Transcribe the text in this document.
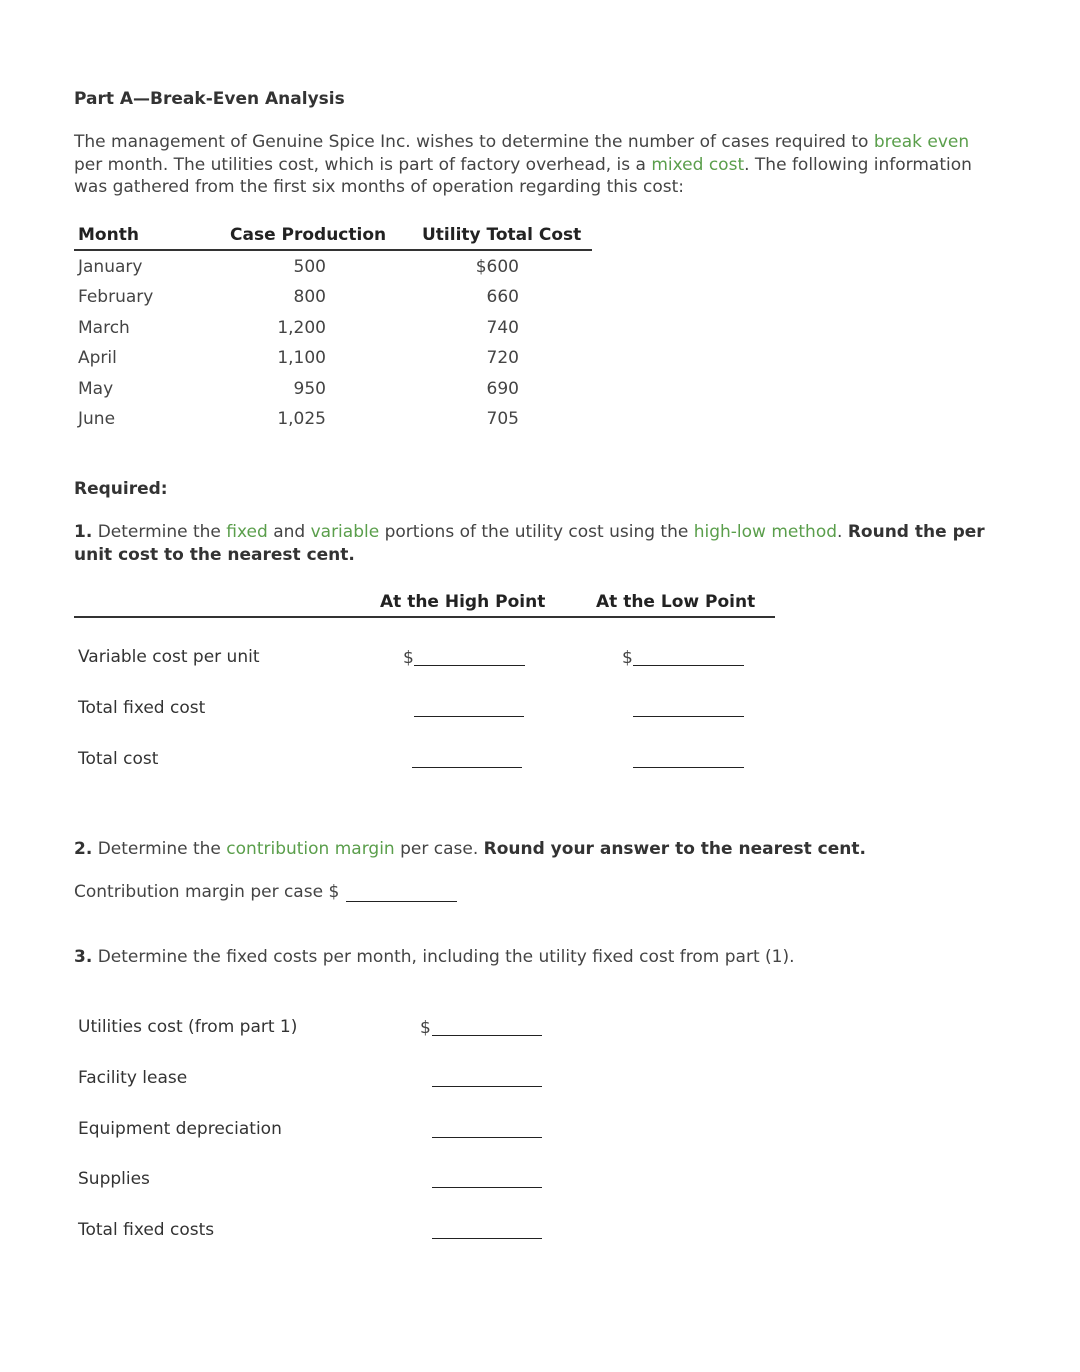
Part A—Break-Even Analysis
The management of Genuine Spice Inc. wishes to determine the number of cases required to break even per month. The utilities cost, which is part of factory overhead, is a mixed cost. The following information was gathered from the first six months of operation regarding this cost:
Month	Case Production Utility Total Cost
January	500	$600
February	800	660
March	1,200	740
April	1,100	720
May	950	690
June	1,025	705
Required:
1. Determine the fixed and variable portions of the utility cost using the high-low method. Round the per unit cost to the nearest cent.
At the High Point	At the Low Point
Variable cost per unit	$	$
Total fixed cost
Total cost
2. Determine the contribution margin per case. Round your answer to the nearest cent.
Contribution margin per case $
3. Determine the fixed costs per month, including the utility fixed cost from part (1).
Utilities cost (from part 1)	$
Facility lease
Equipment depreciation
Supplies
Total fixed costs
